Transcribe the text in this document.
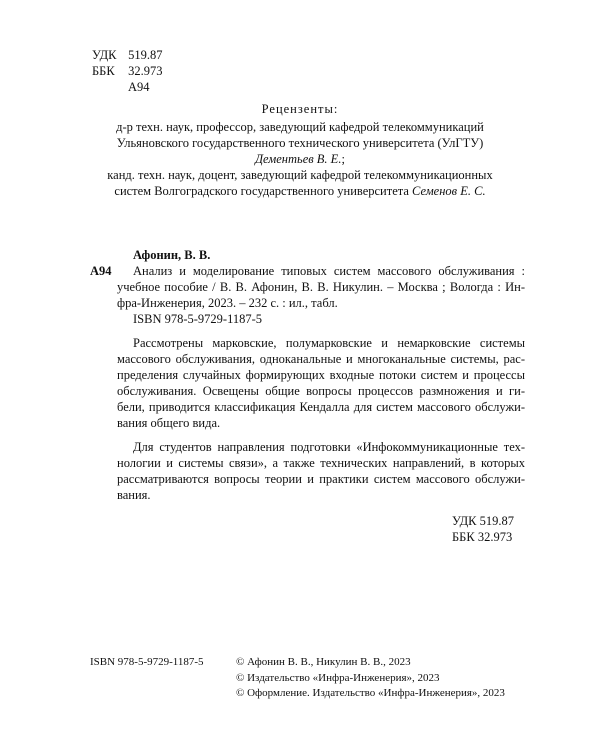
УДК 519.87
ББК 32.973
А94
Рецензенты:
д-р техн. наук, профессор, заведующий кафедрой телекоммуникаций
Ульяновского государственного технического университета (УлГТУ)
Дементьев В. Е.;
канд. техн. наук, доцент, заведующий кафедрой телекоммуникационных
систем Волгоградского государственного университета Семенов Е. С.
Афонин, В. В.
А94	Анализ и моделирование типовых систем массового обслуживания :
учебное пособие / В. В. Афонин, В. В. Никулин. – Москва ; Вологда : Ин-
фра-Инженерия, 2023. – 232 с. : ил., табл.
ISBN 978-5-9729-1187-5
Рассмотрены марковские, полумарковские и немарковские системы
массового обслуживания, одноканальные и многоканальные системы, рас-
пределения случайных формирующих входные потоки систем и процессы
обслуживания. Освещены общие вопросы процессов размножения и ги-
бели, приводится классификация Кендалла для систем массового обслужи-
вания общего вида.
Для студентов направления подготовки «Инфокоммуникационные тех-
нологии и системы связи», а также технических направлений, в которых
рассматриваются вопросы теории и практики систем массового обслужи-
вания.
УДК 519.87
ББК 32.973
ISBN 978-5-9729-1187-5	© Афонин В. В., Никулин В. В., 2023
© Издательство «Инфра-Инженерия», 2023
© Оформление. Издательство «Инфра-Инженерия», 2023
